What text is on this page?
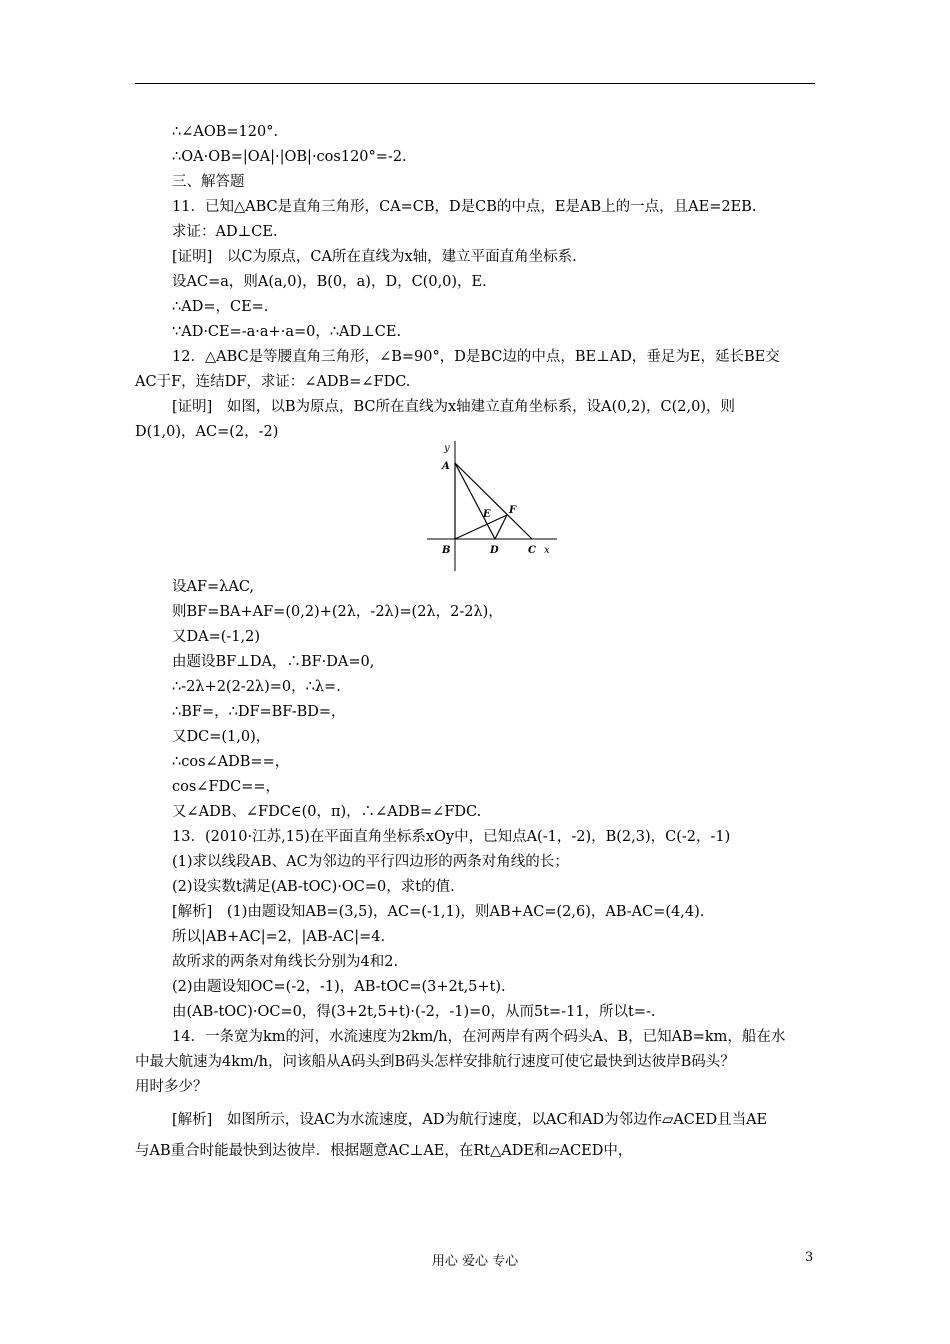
∴∠AOB=120°.
∴OA·OB=|OA|·|OB|·cos120°=-2.
三、解答题
11．已知△ABC是直角三角形，CA=CB，D是CB的中点，E是AB上的一点，且AE=2EB.
求证：AD⊥CE.
[证明]　以C为原点，CA所在直线为x轴，建立平面直角坐标系.
设AC=a，则A(a,0)，B(0，a)，D，C(0,0)，E.
∴AD=，CE=.
∵AD·CE=-a·a+·a=0，∴AD⊥CE.
12．△ABC是等腰直角三角形，∠B=90°，D是BC边的中点，BE⊥AD，垂足为E，延长BE交
AC于F，连结DF，求证：∠ADB=∠FDC.
[证明]　如图，以B为原点，BC所在直线为x轴建立直角坐标系，设A(0,2)，C(2,0)，则
D(1,0)，AC=(2，-2)
y
A
E F
B	D	C x
设AF=λAC,
则BF=BA+AF=(0,2)+(2λ，-2λ)=(2λ，2-2λ)，
又DA=(-1,2)
由题设BF⊥DA，∴BF·DA=0,
∴-2λ+2(2-2λ)=0，∴λ=.
∴BF=，∴DF=BF-BD=，
又DC=(1,0)，
∴cos∠ADB==，
cos∠FDC==，
又∠ADB、∠FDC∈(0，π)，∴∠ADB=∠FDC.
13．(2010·江苏,15)在平面直角坐标系xOy中，已知点A(-1，-2)，B(2,3)，C(-2，-1)
(1)求以线段AB、AC为邻边的平行四边形的两条对角线的长；
(2)设实数t满足(AB-tOC)·OC=0，求t的值.
[解析]　(1)由题设知AB=(3,5)，AC=(-1,1)，则AB+AC=(2,6)，AB-AC=(4,4).
所以|AB+AC|=2，|AB-AC|=4.
故所求的两条对角线长分别为4和2.
(2)由题设知OC=(-2，-1)，AB-tOC=(3+2t,5+t).
由(AB-tOC)·OC=0，得(3+2t,5+t)·(-2，-1)=0，从而5t=-11，所以t=-.
14．一条宽为km的河，水流速度为2km/h，在河两岸有两个码头A、B，已知AB=km，船在水
中最大航速为4km/h，问该船从A码头到B码头怎样安排航行速度可使它最快到达彼岸B码头？
用时多少？
[解析]　如图所示，设AC为水流速度，AD为航行速度，以AC和AD为邻边作▱ACED且当AE
与AB重合时能最快到达彼岸．根据题意AC⊥AE，在Rt△ADE和▱ACED中，
用心 爱心 专心	3
